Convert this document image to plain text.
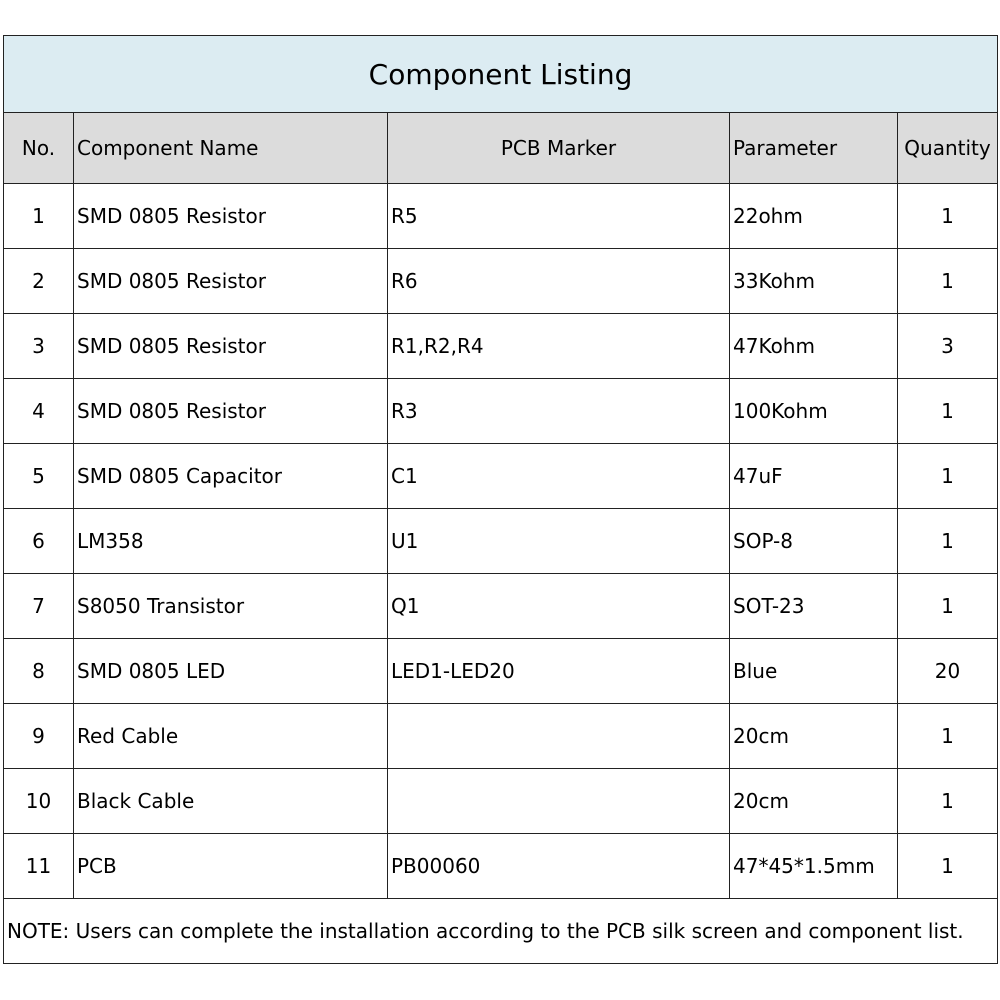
Component Listing				
No.	Component Name	PCB Marker	Parameter	Quantity
1	SMD 0805 Resistor	R5	22ohm	1
2	SMD 0805 Resistor	R6	33Kohm	1
3	SMD 0805 Resistor	R1,R2,R4	47Kohm	3
4	SMD 0805 Resistor	R3	100Kohm	1
5	SMD 0805 Capacitor	C1	47uF	1
6	LM358	U1	SOP-8	1
7	S8050 Transistor	Q1	SOT-23	1
8	SMD 0805 LED	LED1-LED20	Blue	20
9	Red Cable		20cm	1
10	Black Cable		20cm	1
11	PCB	PB00060	47*45*1.5mm	1
NOTE: Users can complete the installation according to the PCB silk screen and component list.				
